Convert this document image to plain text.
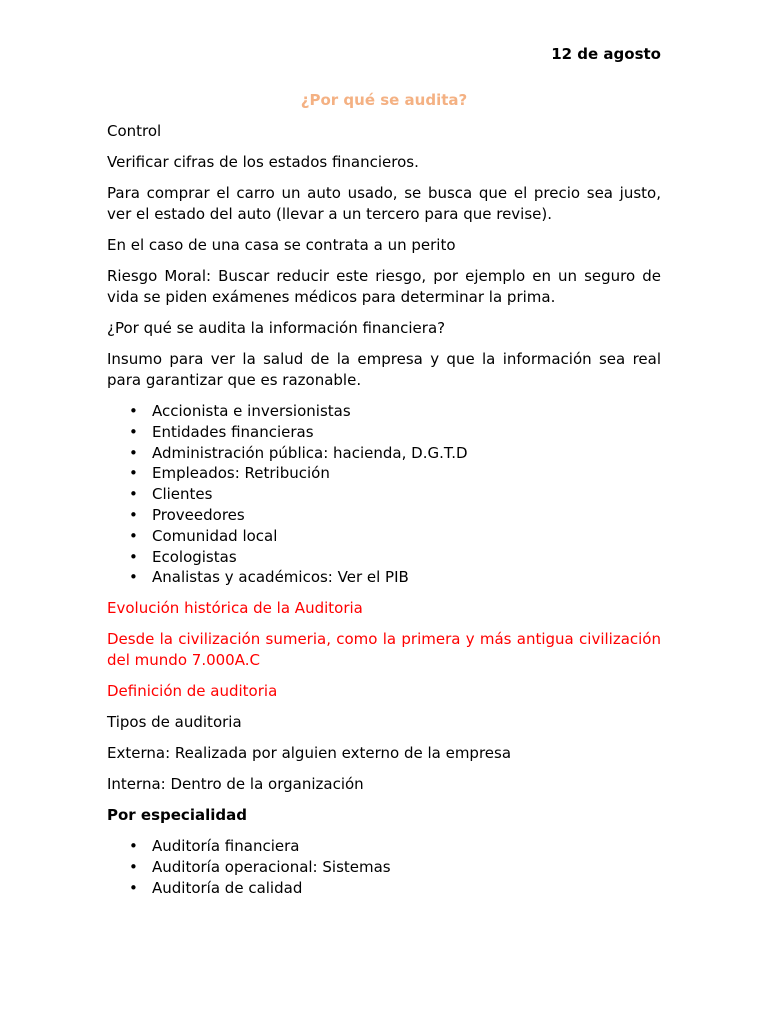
12 de agosto

¿Por qué se audita?

Control

Verificar cifras de los estados financieros.

Para comprar el carro un auto usado, se busca que el precio sea justo, ver el estado del auto (llevar a un tercero para que revise).

En el caso de una casa se contrata a un perito

Riesgo Moral: Buscar reducir este riesgo, por ejemplo en un seguro de vida se piden exámenes médicos para determinar la prima.

¿Por qué se audita la información financiera?

Insumo para ver la salud de la empresa y que la información sea real para garantizar que es razonable.

• Accionista e inversionistas
• Entidades financieras
• Administración pública: hacienda, D.G.T.D
• Empleados: Retribución
• Clientes
• Proveedores
• Comunidad local
• Ecologistas
• Analistas y académicos: Ver el PIB

Evolución histórica de la Auditoria

Desde la civilización sumeria, como la primera y más antigua civilización del mundo 7.000A.C

Definición de auditoria

Tipos de auditoria

Externa: Realizada por alguien externo de la empresa

Interna: Dentro de la organización

Por especialidad

• Auditoría financiera
• Auditoría operacional: Sistemas
• Auditoría de calidad
